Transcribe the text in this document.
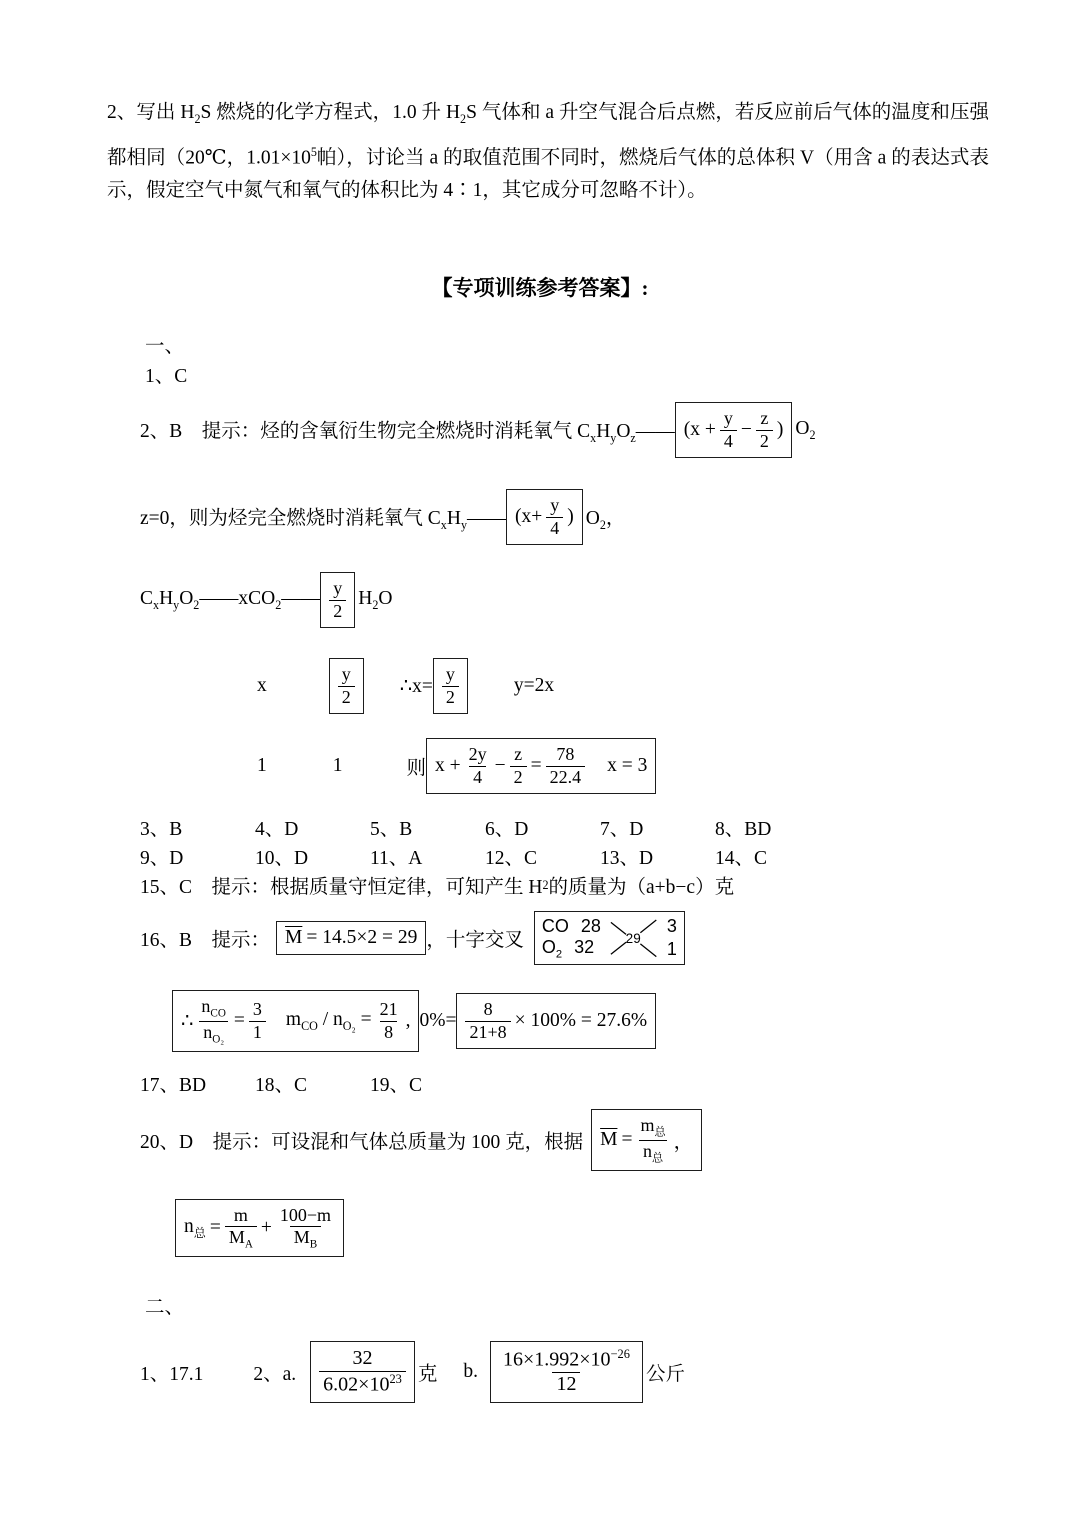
2、写出 $H_2S$ 燃烧的化学方程式，1.0 升 $H_2S$ 气体和 a 升空气混合后点燃，若反应前后气体的温度和压强都相同（20℃，$1.01\times 10^5$帕），讨论当 a 的取值范围不同时，燃烧后气体的总体积 V（用含 a 的表达式表示，假定空气中氮气和氧气的体积比为 4∶1，其它成分可忽略不计）。

【专项训练参考答案】:
一、
1、C
2、B　提示：烃的含氧衍生物完全燃烧时消耗氧气 $C_xH_yO_z——$ ($x + \frac{y}{4} - \frac{z}{2}$ ) $O_2$
z=0，则为烃完全燃烧时消耗氧气 $C_xH_y——$ ($x+ \frac{y}{4}$ ) $O_2$，
$C_xH_yO_2——xCO_2—— \frac{y}{2} H_2O$
x	$\frac{y}{2}$ ∴x= $\frac{y}{2}$	y=2x
1	1	则 $x + \frac{2y}{4} - \frac{z}{2} = \frac{78}{22.4}$ x = 3
3、B	4、D	5、B	6、D	7、D	8、BD
9、D	10、D	11、A	12、C	13、D	14、C
15、C　提示：根据质量守恒定律，可知产生 H 2 的质量为（a+b−c）克
16、B　提示： $\overline{M} = 14.5\times 2 = 29$ ，十字交叉
CO 28
$O_2$ 32 29
3
1
∴ $\frac{n_{CO}}{n_{O_2}} = \frac{3}{1} m_{CO} / n_{O_2} = \frac{21}{8}$ , $0\%= \frac{8}{21+8} \times 100\% = 27.6\%$
17、BD	18、C	19、C
20、D　提示：可设混和气体总质量为 100 克，根据 $\overline{M} = \frac{m_总}{n_总}$ ，
$n_总 = \frac{m}{M_A} + \frac{100-m}{M_B}$
二、
1、17.1	2、a. $\frac{32}{6.02\times 10^{23}}$ 克 b. $\frac{16\times 1.992\times 10^{-26}}{12}$ 公斤
